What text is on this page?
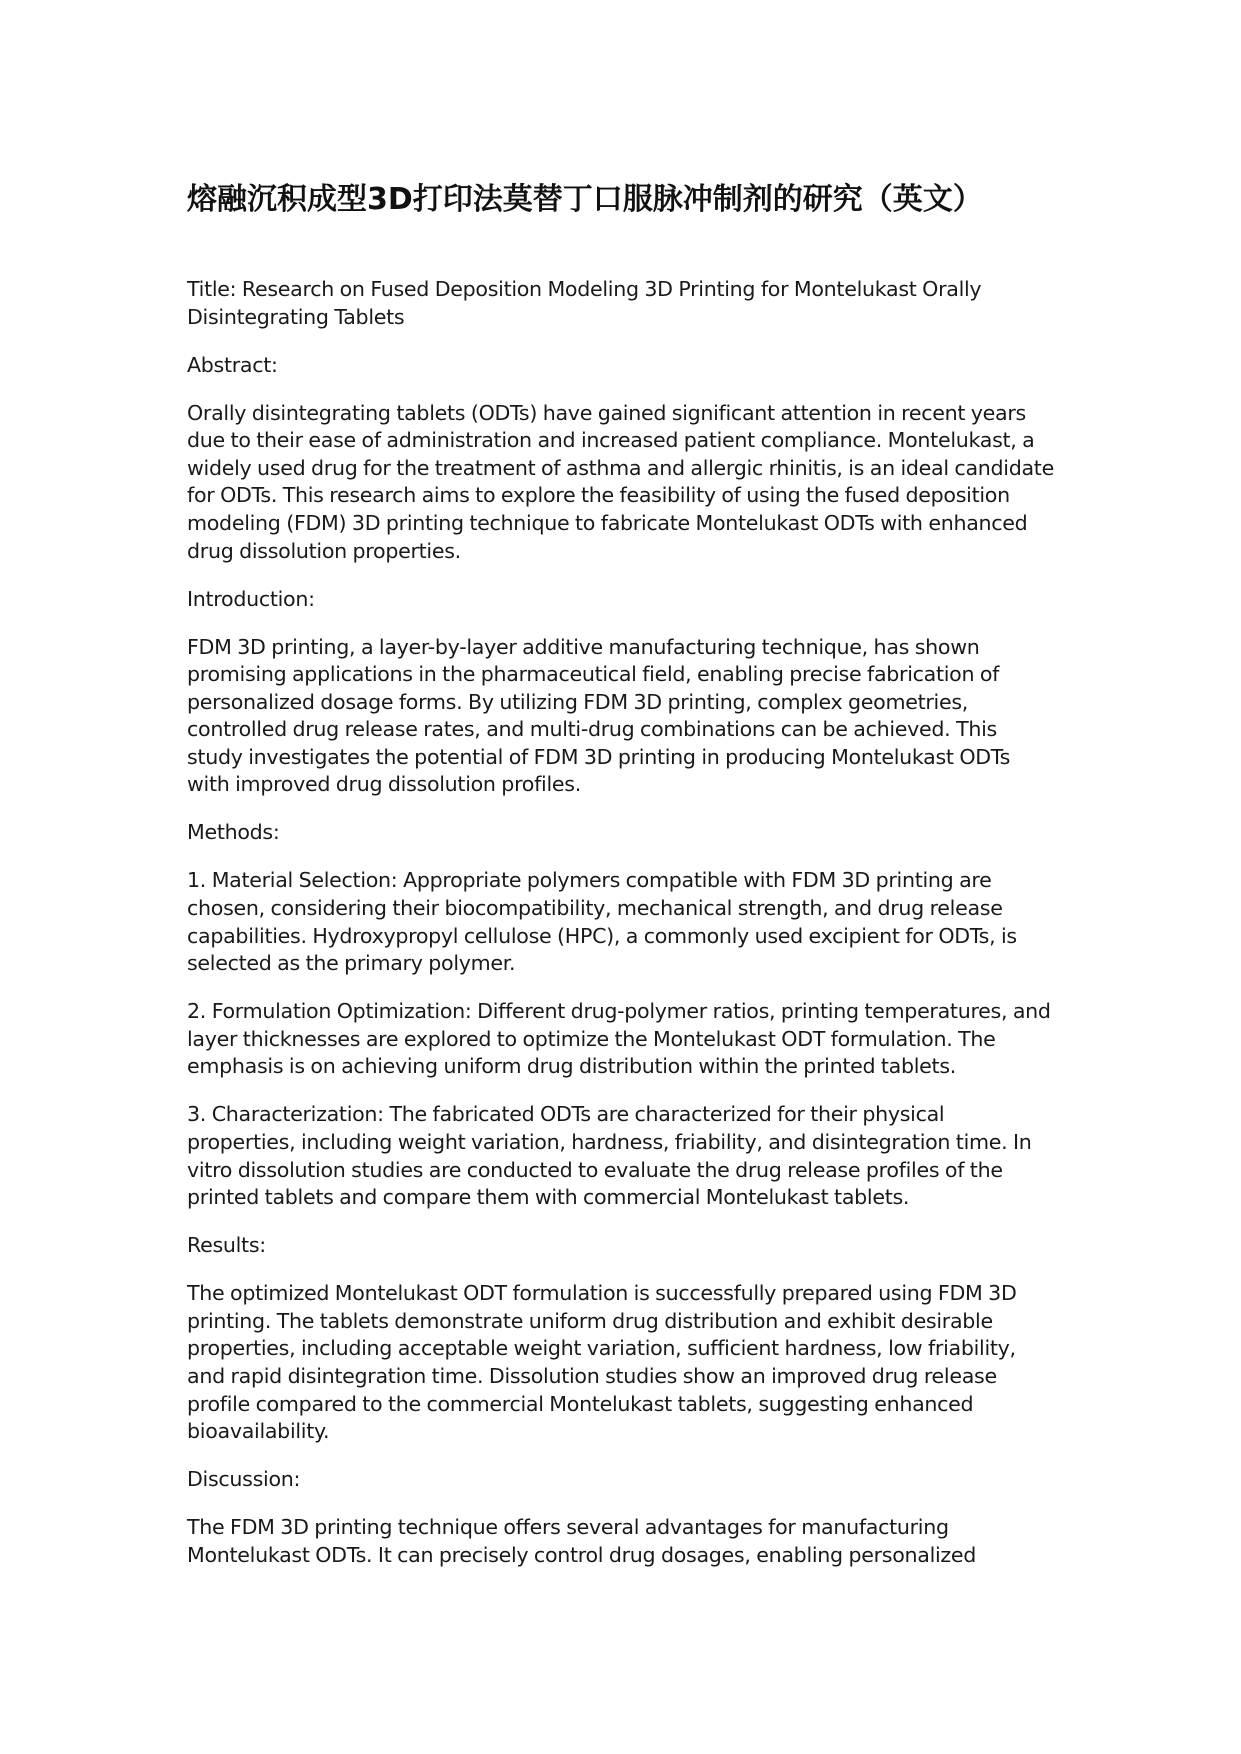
熔融沉积成型3D打印法莫替丁口服脉冲制剂的研究（英文）

Title: Research on Fused Deposition Modeling 3D Printing for Montelukast Orally Disintegrating Tablets

Abstract:

Orally disintegrating tablets (ODTs) have gained significant attention in recent years due to their ease of administration and increased patient compliance. Montelukast, a widely used drug for the treatment of asthma and allergic rhinitis, is an ideal candidate for ODTs. This research aims to explore the feasibility of using the fused deposition modeling (FDM) 3D printing technique to fabricate Montelukast ODTs with enhanced drug dissolution properties.

Introduction:

FDM 3D printing, a layer-by-layer additive manufacturing technique, has shown promising applications in the pharmaceutical field, enabling precise fabrication of personalized dosage forms. By utilizing FDM 3D printing, complex geometries, controlled drug release rates, and multi-drug combinations can be achieved. This study investigates the potential of FDM 3D printing in producing Montelukast ODTs with improved drug dissolution profiles.

Methods:

1. Material Selection: Appropriate polymers compatible with FDM 3D printing are chosen, considering their biocompatibility, mechanical strength, and drug release capabilities. Hydroxypropyl cellulose (HPC), a commonly used excipient for ODTs, is selected as the primary polymer.

2. Formulation Optimization: Different drug-polymer ratios, printing temperatures, and layer thicknesses are explored to optimize the Montelukast ODT formulation. The emphasis is on achieving uniform drug distribution within the printed tablets.

3. Characterization: The fabricated ODTs are characterized for their physical properties, including weight variation, hardness, friability, and disintegration time. In vitro dissolution studies are conducted to evaluate the drug release profiles of the printed tablets and compare them with commercial Montelukast tablets.

Results:

The optimized Montelukast ODT formulation is successfully prepared using FDM 3D printing. The tablets demonstrate uniform drug distribution and exhibit desirable properties, including acceptable weight variation, sufficient hardness, low friability, and rapid disintegration time. Dissolution studies show an improved drug release profile compared to the commercial Montelukast tablets, suggesting enhanced bioavailability.

Discussion:

The FDM 3D printing technique offers several advantages for manufacturing Montelukast ODTs. It can precisely control drug dosages, enabling personalized
